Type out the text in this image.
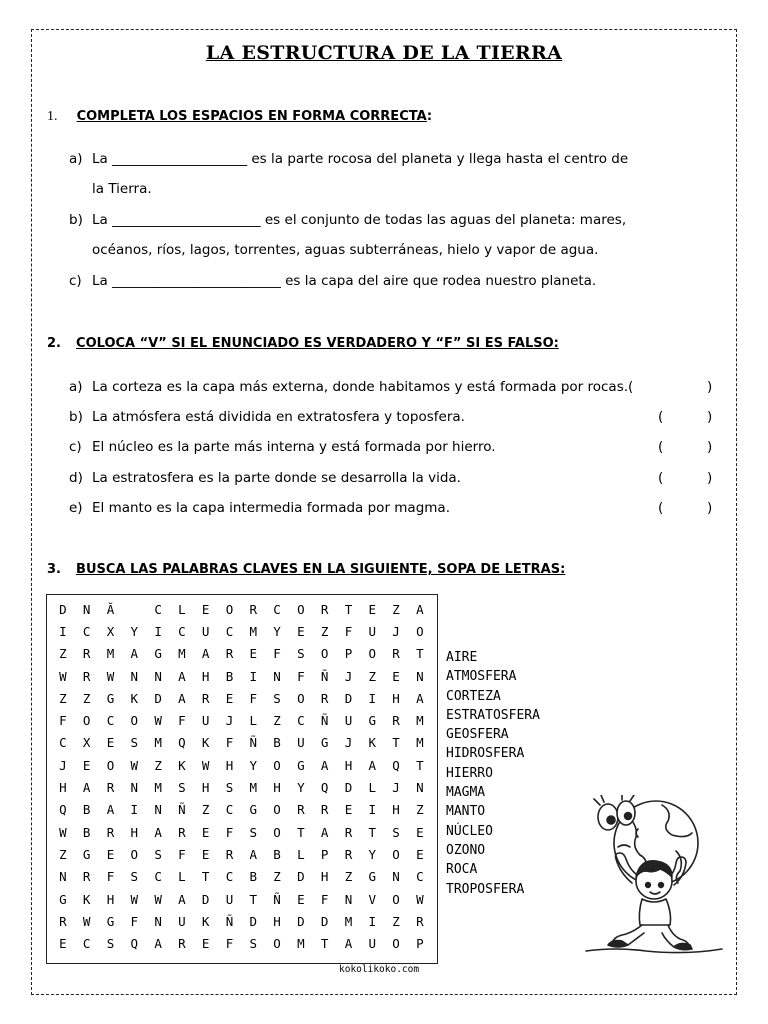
LA ESTRUCTURA DE LA TIERRA
1. COMPLETA LOS ESPACIOS EN FORMA CORRECTA:
a) La ____________________ es la parte rocosa del planeta y llega hasta el centro de
la Tierra.
b) La ______________________ es el conjunto de todas las aguas del planeta: mares,
océanos, ríos, lagos, torrentes, aguas subterráneas, hielo y vapor de agua.
c) La _________________________ es la capa del aire que rodea nuestro planeta.
2. COLOCA “V” SI EL ENUNCIADO ES VERDADERO Y “F” SI ES FALSO:
a) La corteza es la capa más externa, donde habitamos y está formada por rocas.(	)
b) La atmósfera está dividida en extratosfera y toposfera.	(	)
c) El núcleo es la parte más interna y está formada por hierro.	(	)
d) La estratosfera es la parte donde se desarrolla la vida.	(	)
e) El manto es la capa intermedia formada por magma.	(	)
3. BUSCA LAS PALABRAS CLAVES EN LA SIGUIENTE, SOPA DE LETRAS:
D	N	Ă		C	L	E	O	R	C	O	R	T	E	Z	A
I	C	X	Y	I	C	U	C	M	Y	E	Z	F	U	J	O
Z	R	M	A	G	M	A	R	E	F	S	O	P	O	R	T
W	R	W	N	N	A	H	B	I	N	F	Ñ	J	Z	E	N
Z	Z	G	K	D	A	R	E	F	S	O	R	D	I	H	A
F	O	C	O	W	F	U	J	L	Z	C	Ñ	U	G	R	M
C	X	E	S	M	Q	K	F	Ñ	B	U	G	J	K	T	M
J	E	O	W	Z	K	W	H	Y	O	G	A	H	A	Q	T
H	A	R	N	M	S	H	S	M	H	Y	Q	D	L	J	N
Q	B	A	I	N	Ñ	Z	C	G	O	R	R	E	I	H	Z
W	B	R	H	A	R	E	F	S	O	T	A	R	T	S	E
Z	G	E	O	S	F	E	R	A	B	L	P	R	Y	O	E
N	R	F	S	C	L	T	C	B	Z	D	H	Z	G	N	C
G	K	H	W	W	A	D	U	T	Ñ	E	F	N	V	O	W
R	W	G	F	N	U	K	Ñ	D	H	D	D	M	I	Z	R
E	C	S	Q	A	R	E	F	S	O	M	T	A	U	O	P
kokolikoko.com
AIRE
ATMOSFERA
CORTEZA
ESTRATOSFERA
GEOSFERA
HIDROSFERA
HIERRO
MAGMA
MANTO
NÚCLEO
OZONO
ROCA
TROPOSFERA
